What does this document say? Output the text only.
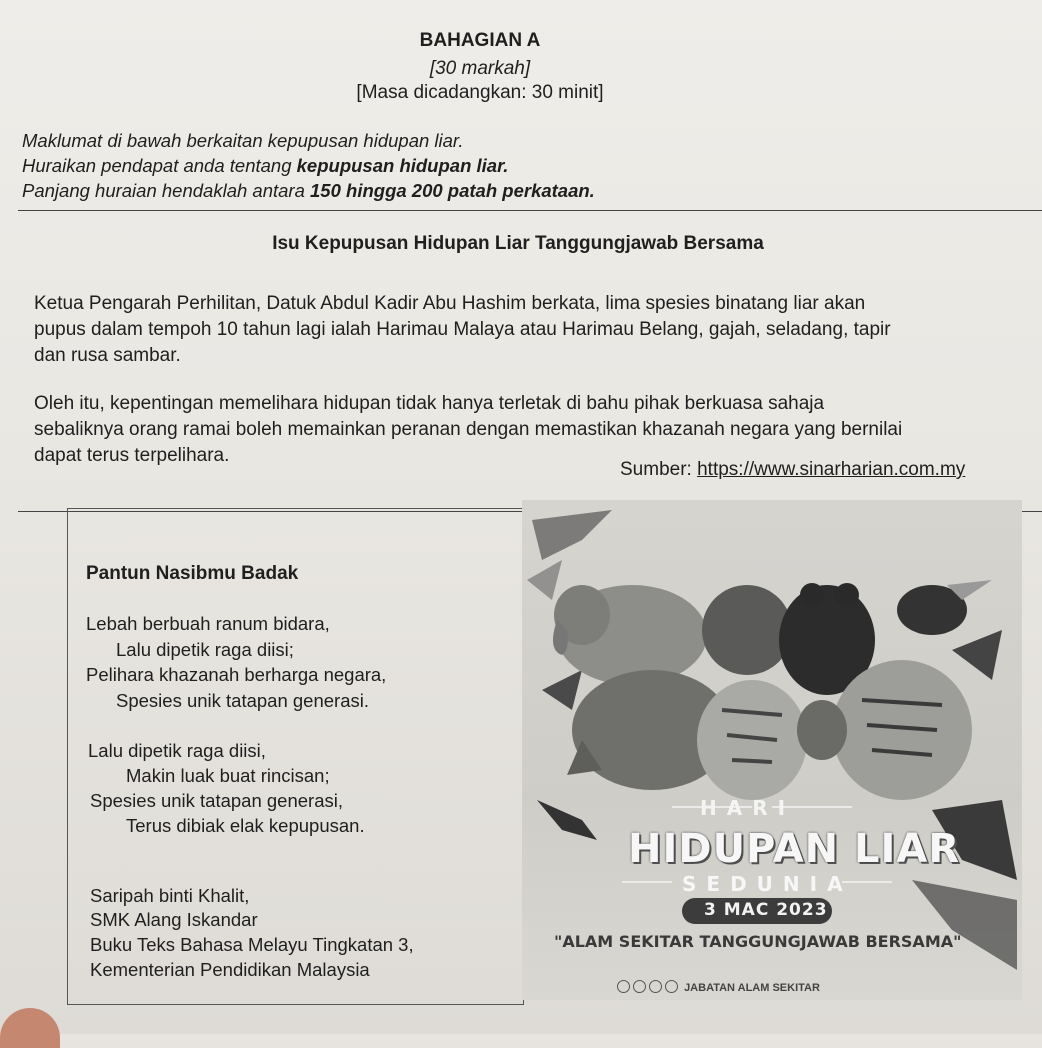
BAHAGIAN A
[30 markah]
[Masa dicadangkan: 30 minit]
Maklumat di bawah berkaitan kepupusan hidupan liar.
Huraikan pendapat anda tentang kepupusan hidupan liar.
Panjang huraian hendaklah antara 150 hingga 200 patah perkataan.
Isu Kepupusan Hidupan Liar Tanggungjawab Bersama
Ketua Pengarah Perhilitan, Datuk Abdul Kadir Abu Hashim berkata, lima spesies binatang liar akan
pupus dalam tempoh 10 tahun lagi ialah Harimau Malaya atau Harimau Belang, gajah, seladang, tapir
dan rusa sambar.
Oleh itu, kepentingan memelihara hidupan tidak hanya terletak di bahu pihak berkuasa sahaja
sebaliknya orang ramai boleh memainkan peranan dengan memastikan khazanah negara yang bernilai
dapat terus terpelihara.
Sumber: https://www.sinarharian.com.my
Pantun Nasibmu Badak
Lebah berbuah ranum bidara,
Lalu dipetik raga diisi;
Pelihara khazanah berharga negara,
Spesies unik tatapan generasi.
Lalu dipetik raga diisi,
Makin luak buat rincisan;
Spesies unik tatapan generasi,
Terus dibiak elak kepupusan.
Saripah binti Khalit,
SMK Alang Iskandar
Buku Teks Bahasa Melayu Tingkatan 3,
Kementerian Pendidikan Malaysia
HARI
HIDUPAN LIAR
SEDUNIA
3 MAC 2023
"ALAM SEKITAR TANGGUNGJAWAB BERSAMA"
JABATAN ALAM SEKITAR
